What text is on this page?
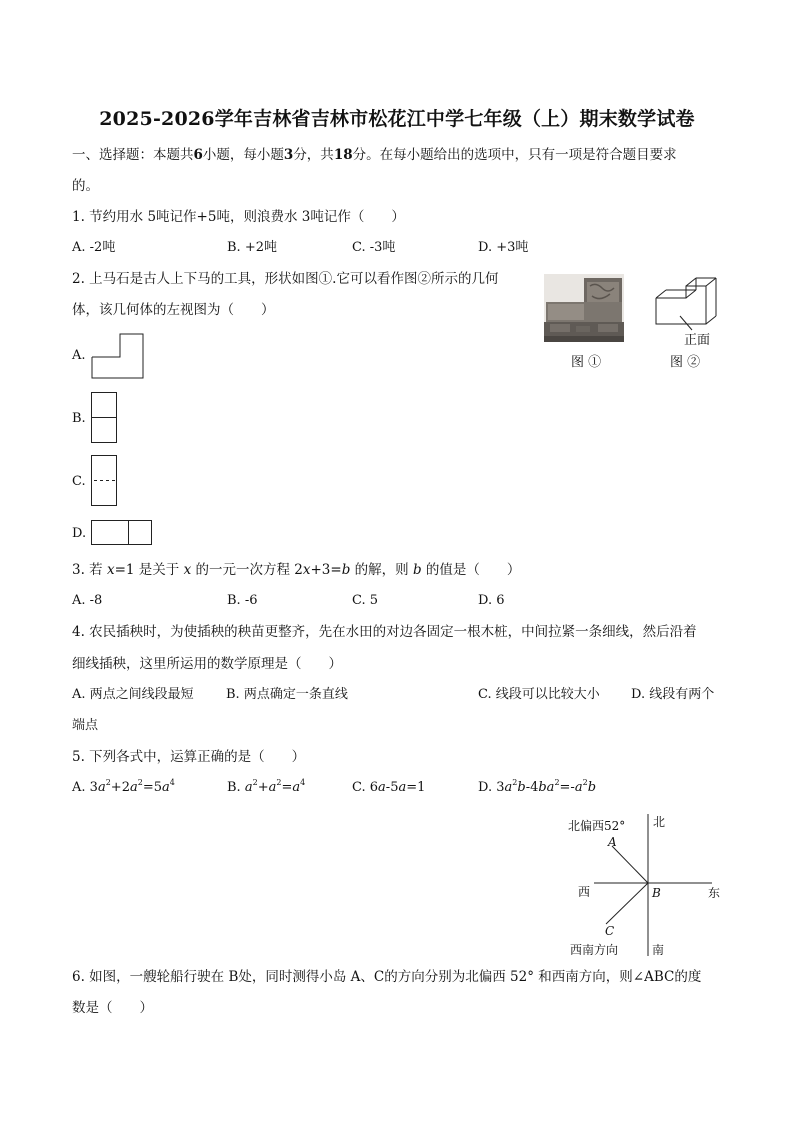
2025-2026学年吉林省吉林市松花江中学七年级（上）期末数学试卷
一、选择题：本题共6小题，每小题3分，共18分。在每小题给出的选项中，只有一项是符合题目要求
的。
1. 节约用水 5吨记作+5吨，则浪费水 3吨记作（　　）
A. -2吨	B. +2吨	C. -3吨	D. +3吨
2. 上马石是古人上下马的工具，形状如图①.它可以看作图②所示的几何
体，该几何体的左视图为（　　）
图 ①
正面
图 ②
A.
B.
C.
D.
3. 若 x=1 是关于 x 的一元一次方程 2x+3=b 的解，则 b 的值是（　　）
A. -8	B. -6	C. 5	D. 6
4. 农民插秧时，为使插秧的秧苗更整齐，先在水田的对边各固定一根木桩，中间拉紧一条细线，然后沿着
细线插秧，这里所运用的数学原理是（　　）
A. 两点之间线段最短 B. 两点确定一条直线	C. 线段可以比较大小 D. 线段有两个
端点
5. 下列各式中，运算正确的是（　　）
A. $3a^2+2a^2=5a^4$	B. $a^2+a^2=a^4$	C. 6a-5a=1	D. $3a^2b-4ba^2=-a^2b$
北偏西52° 北
A
西	B	东
C
西南方向	南
6. 如图，一艘轮船行驶在 B处，同时测得小岛 A、C的方向分别为北偏西 52° 和西南方向，则∠ABC的度
数是（　　）
